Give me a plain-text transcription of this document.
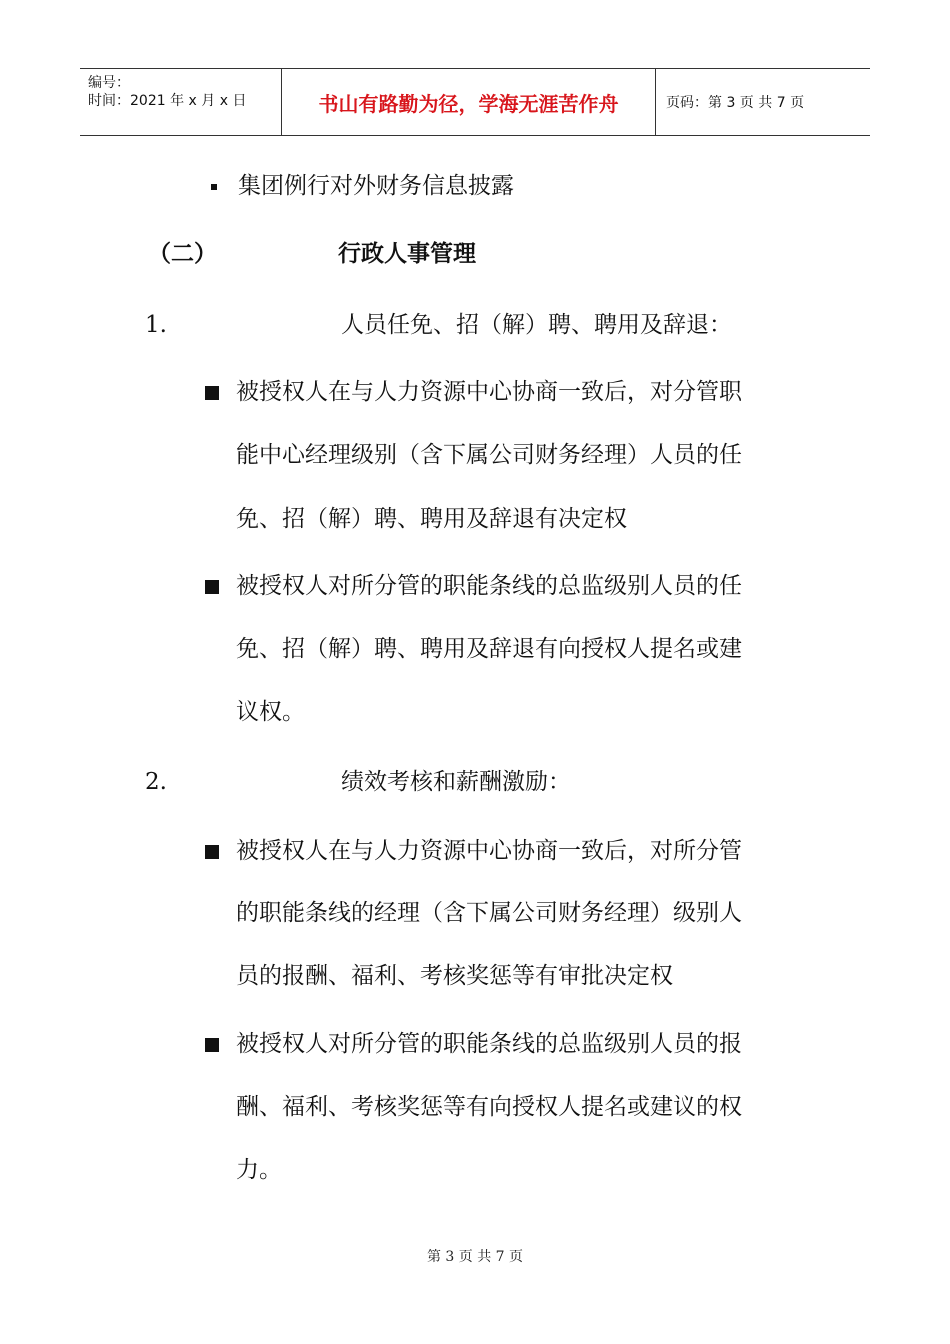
编号：
时间：2021 年 x 月 x 日	书山有路勤为径，学海无涯苦作舟	页码：第 3 页 共 7 页
集团例行对外财务信息披露
（二）	行政人事管理
1.	人员任免、招（解）聘、聘用及辞退：
被授权人在与人力资源中心协商一致后，对分管职
能中心经理级别（含下属公司财务经理）人员的任
免、招（解）聘、聘用及辞退有决定权
被授权人对所分管的职能条线的总监级别人员的任
免、招（解）聘、聘用及辞退有向授权人提名或建
议权。
2.	绩效考核和薪酬激励：
被授权人在与人力资源中心协商一致后，对所分管
的职能条线的经理（含下属公司财务经理）级别人
员的报酬、福利、考核奖惩等有审批决定权
被授权人对所分管的职能条线的总监级别人员的报
酬、福利、考核奖惩等有向授权人提名或建议的权
力。
第 3 页 共 7 页
